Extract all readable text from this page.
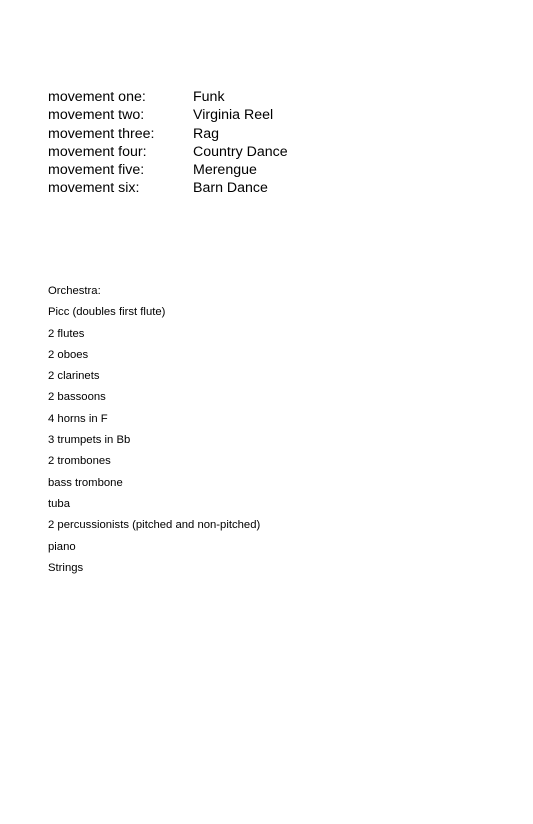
movement one:	Funk
movement two:	Virginia Reel
movement three:	Rag
movement four:	Country Dance
movement five:	Merengue
movement six:	Barn Dance
Orchestra:
Picc (doubles first flute)
2 flutes
2 oboes
2 clarinets
2 bassoons
4 horns in F
3 trumpets in Bb
2 trombones
bass trombone
tuba
2 percussionists (pitched and non-pitched)
piano
Strings
